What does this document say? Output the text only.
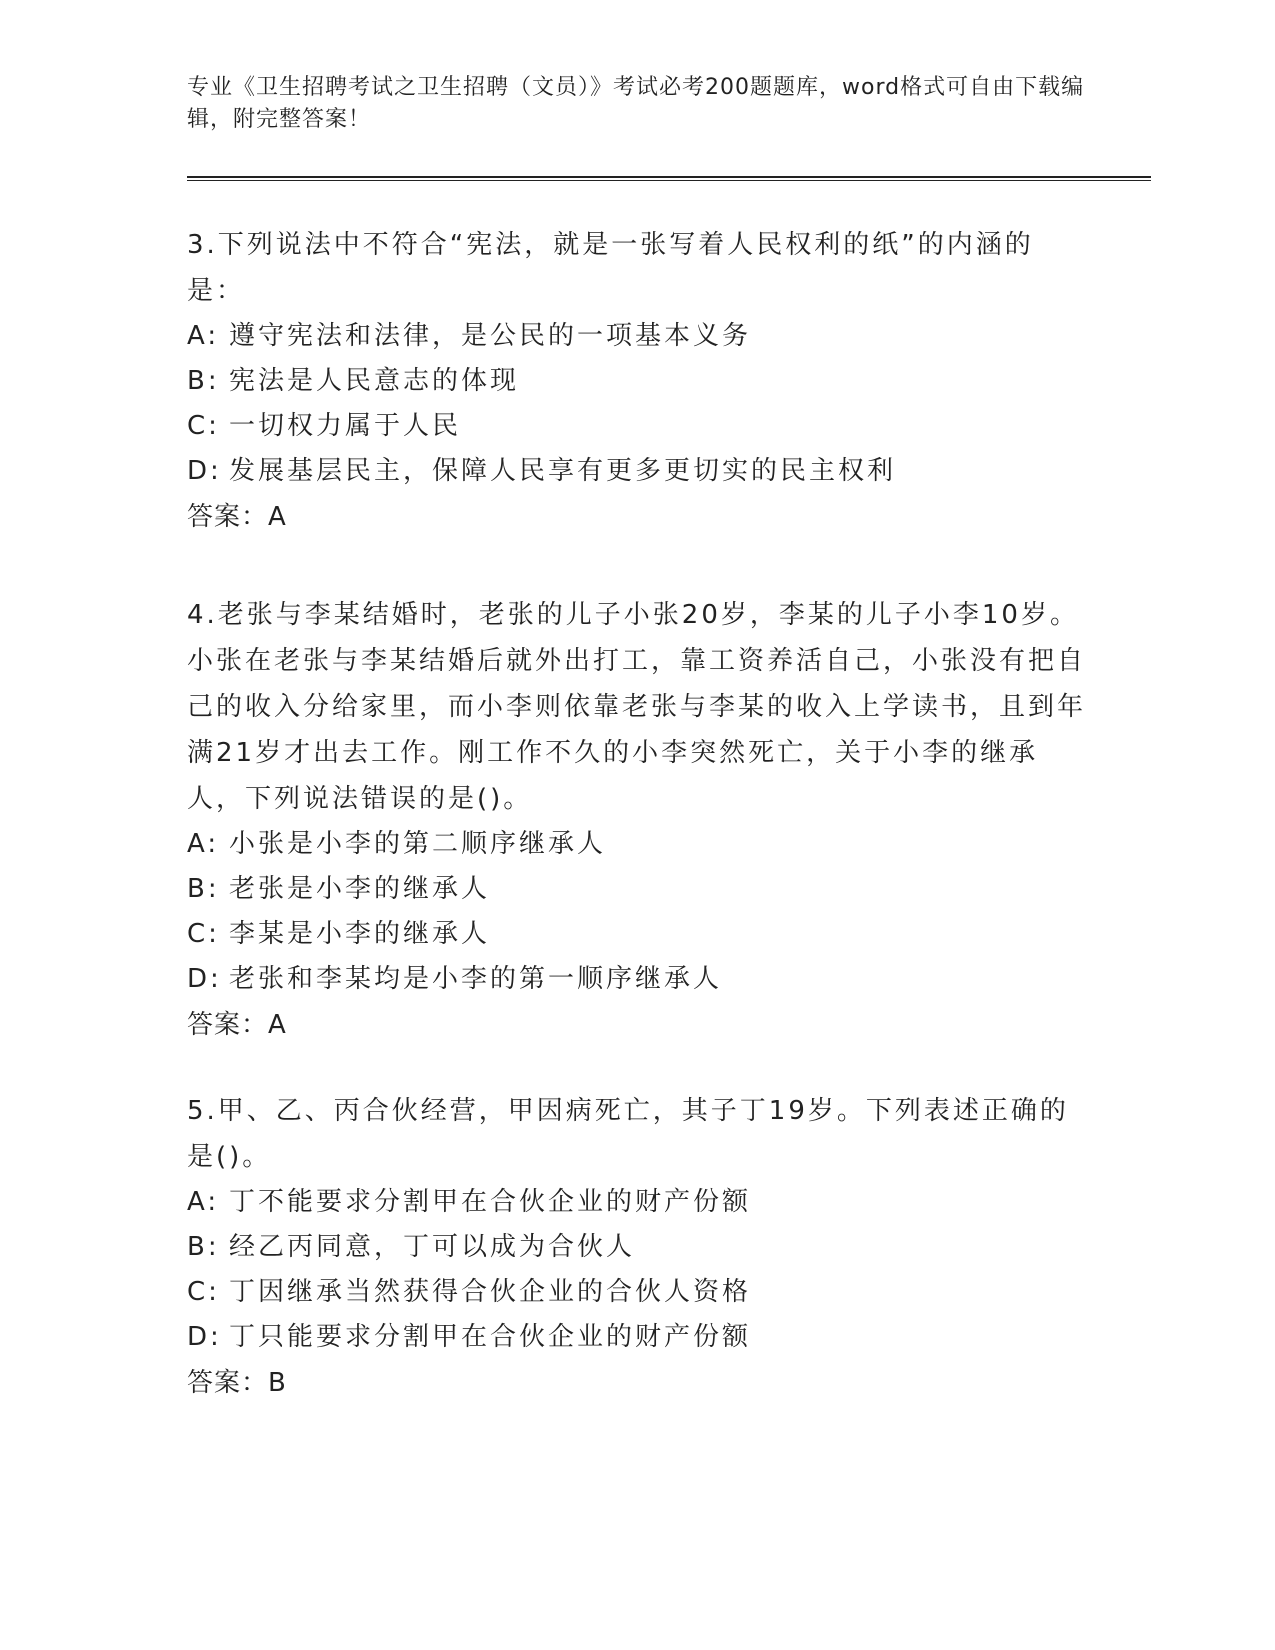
专业《卫生招聘考试之卫生招聘（文员）》考试必考200题题库，word格式可自由下载编辑，附完整答案！
3.下列说法中不符合“宪法，就是一张写着人民权利的纸”的内涵的是：
A: 遵守宪法和法律，是公民的一项基本义务
B: 宪法是人民意志的体现
C: 一切权力属于人民
D: 发展基层民主，保障人民享有更多更切实的民主权利
答案：A
4.老张与李某结婚时，老张的儿子小张20岁，李某的儿子小李10岁。小张在老张与李某结婚后就外出打工，靠工资养活自己，小张没有把自己的收入分给家里，而小李则依靠老张与李某的收入上学读书，且到年满21岁才出去工作。刚工作不久的小李突然死亡，关于小李的继承人，下列说法错误的是()。
A: 小张是小李的第二顺序继承人
B: 老张是小李的继承人
C: 李某是小李的继承人
D: 老张和李某均是小李的第一顺序继承人
答案：A
5.甲、乙、丙合伙经营，甲因病死亡，其子丁19岁。下列表述正确的是()。
A: 丁不能要求分割甲在合伙企业的财产份额
B: 经乙丙同意，丁可以成为合伙人
C: 丁因继承当然获得合伙企业的合伙人资格
D: 丁只能要求分割甲在合伙企业的财产份额
答案：B
